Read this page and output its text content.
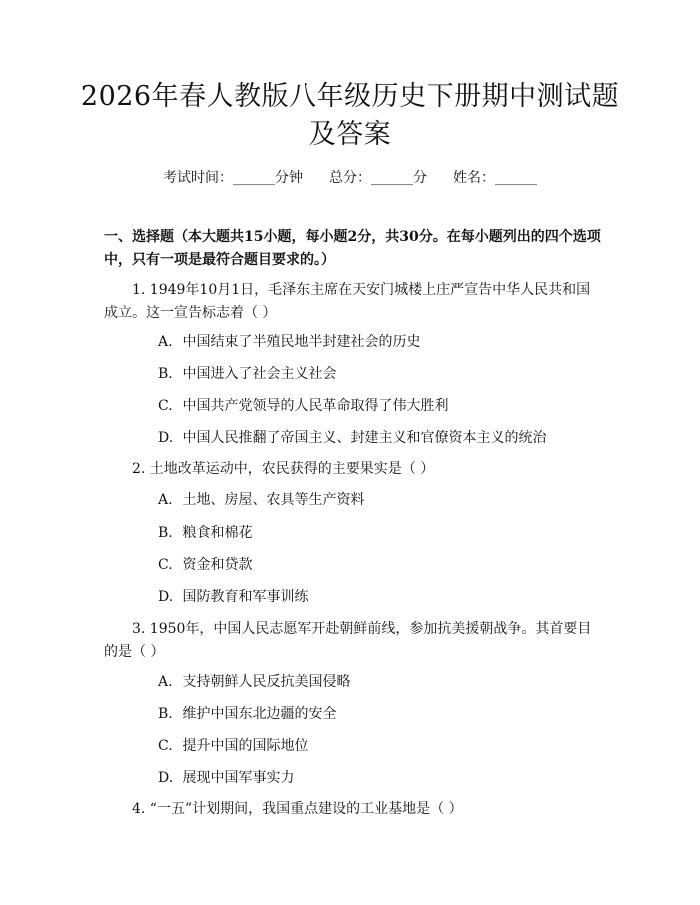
2026年春人教版八年级历史下册期中测试题
及答案
考试时间：______分钟 总分：______分 姓名：______
一、选择题（本大题共15小题，每小题2分，共30分。在每小题列出的四个选项中，只有一项是最符合题目要求的。）
1. 1949年10月1日，毛泽东主席在天安门城楼上庄严宣告中华人民共和国成立。这一宣告标志着（ ）
A. 中国结束了半殖民地半封建社会的历史
B. 中国进入了社会主义社会
C. 中国共产党领导的人民革命取得了伟大胜利
D. 中国人民推翻了帝国主义、封建主义和官僚资本主义的统治
2. 土地改革运动中，农民获得的主要果实是（ ）
A. 土地、房屋、农具等生产资料
B. 粮食和棉花
C. 资金和贷款
D. 国防教育和军事训练
3. 1950年，中国人民志愿军开赴朝鲜前线，参加抗美援朝战争。其首要目的是（ ）
A. 支持朝鲜人民反抗美国侵略
B. 维护中国东北边疆的安全
C. 提升中国的国际地位
D. 展现中国军事实力
4. “一五”计划期间，我国重点建设的工业基地是（ ）
